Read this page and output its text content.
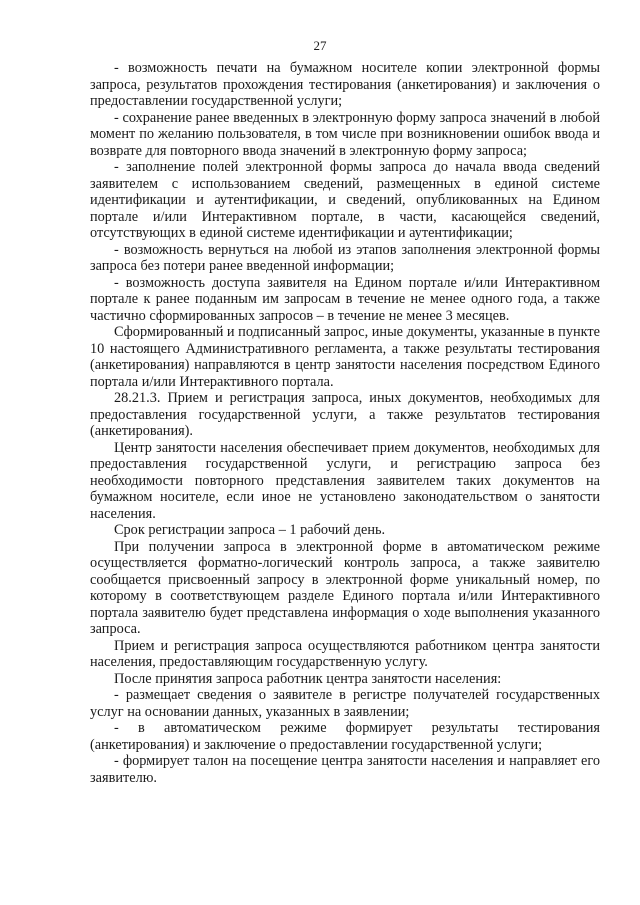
27

- возможность печати на бумажном носителе копии электронной формы запроса, результатов прохождения тестирования (анкетирования) и заключения о предоставлении государственной услуги;

- сохранение ранее введенных в электронную форму запроса значений в любой момент по желанию пользователя, в том числе при возникновении ошибок ввода и возврате для повторного ввода значений в электронную форму запроса;

- заполнение полей электронной формы запроса до начала ввода сведений заявителем с использованием сведений, размещенных в единой системе идентификации и аутентификации, и сведений, опубликованных на Едином портале и/или Интерактивном портале, в части, касающейся сведений, отсутствующих в единой системе идентификации и аутентификации;

- возможность вернуться на любой из этапов заполнения электронной формы запроса без потери ранее введенной информации;

- возможность доступа заявителя на Едином портале и/или Интерактивном портале к ранее поданным им запросам в течение не менее одного года, а также частично сформированных запросов – в течение не менее 3 месяцев.

Сформированный и подписанный запрос, иные документы, указанные в пункте 10 настоящего Административного регламента, а также результаты тестирования (анкетирования) направляются в центр занятости населения посредством Единого портала и/или Интерактивного портала.

28.21.3. Прием и регистрация запроса, иных документов, необходимых для предоставления государственной услуги, а также результатов тестирования (анкетирования).

Центр занятости населения обеспечивает прием документов, необходимых для предоставления государственной услуги, и регистрацию запроса без необходимости повторного представления заявителем таких документов на бумажном носителе, если иное не установлено законодательством о занятости населения.

Срок регистрации запроса – 1 рабочий день.

При получении запроса в электронной форме в автоматическом режиме осуществляется форматно-логический контроль запроса, а также заявителю сообщается присвоенный запросу в электронной форме уникальный номер, по которому в соответствующем разделе Единого портала и/или Интерактивного портала заявителю будет представлена информация о ходе выполнения указанного запроса.

Прием и регистрация запроса осуществляются работником центра занятости населения, предоставляющим государственную услугу.

После принятия запроса работник центра занятости населения:

- размещает сведения о заявителе в регистре получателей государственных услуг на основании данных, указанных в заявлении;

- в автоматическом режиме формирует результаты тестирования (анкетирования) и заключение о предоставлении государственной услуги;

- формирует талон на посещение центра занятости населения и направляет его заявителю.
